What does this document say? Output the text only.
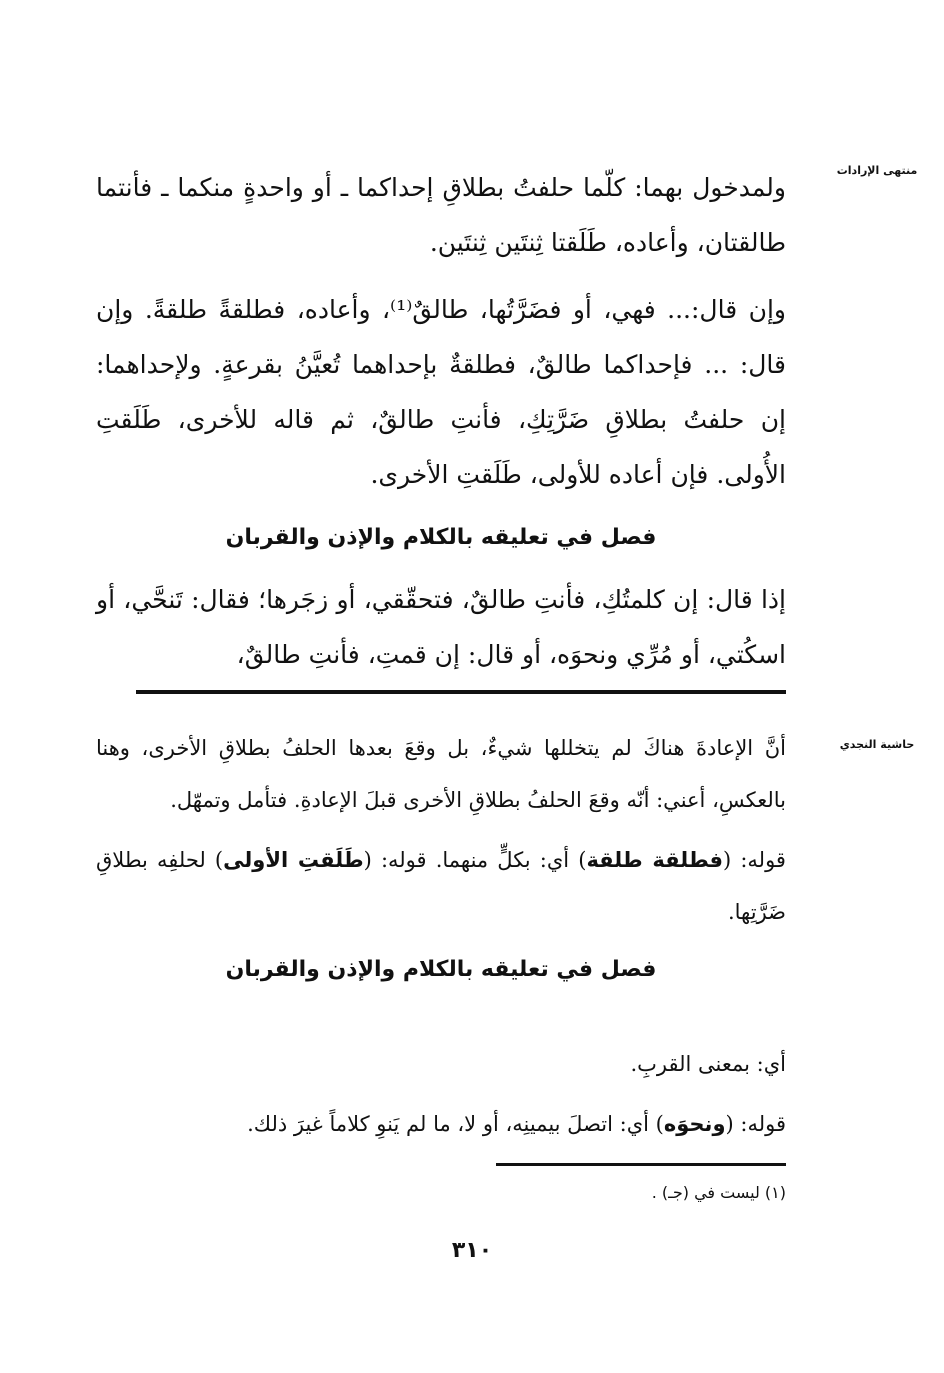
منتهى الإرادات

ولمدخول بهما: كلّما حلفتُ بطلاقِ إحداكما ـ أو واحدةٍ منكما ـ فأنتما طالقتان، وأعاده، طَلَقتا ثِنتَين ثِنتَين.

وإن قال:... فهي، أو فضَرَّتُها، طالقٌ⁽¹⁾، وأعاده، فطلقةً طلقةً. وإن قال: ... فإحداكما طالقٌ، فطلقةٌ بإحداهما تُعيَّنُ بقرعةٍ. ولإحداهما: إن حلفتُ بطلاقِ ضَرَّتِكِ، فأنتِ طالقٌ، ثم قاله للأخرى، طَلَقتِ الأُولى. فإن أعاده للأولى، طَلَقتِ الأخرى.

فصل في تعليقه بالكلام والإذن والقربان

إذا قال: إن كلمتُكِ، فأنتِ طالقٌ، فتحقّقي، أو زجَرها؛ فقال: تَنحَّي، أو اسكُتي، أو مُرِّي ونحوَه، أو قال: إن قمتِ، فأنتِ طالقٌ،

حاشية النجدي

أنَّ الإعادةَ هناكَ لم يتخللها شيءٌ، بل وقعَ بعدها الحلفُ بطلاقِ الأخرى، وهنا بالعكسِ، أعني: أنّه وقعَ الحلفُ بطلاقِ الأخرى قبلَ الإعادةِ. فتأمل وتمهّل.

قوله: (فطلقة طلقة) أي: بكلٍّ منهما. قوله: (طَلَقتِ الأولى) لحلفِه بطلاقِ ضَرَّتِها.

فصل في تعليقه بالكلام والإذن والقربان

أي: بمعنى القربِ.

قوله: (ونحوَه) أي: اتصلَ بيمينِه، أو لا، ما لم يَنوِ كلاماً غيرَ ذلك.

(١) ليست في (جـ) .
٣١٠
